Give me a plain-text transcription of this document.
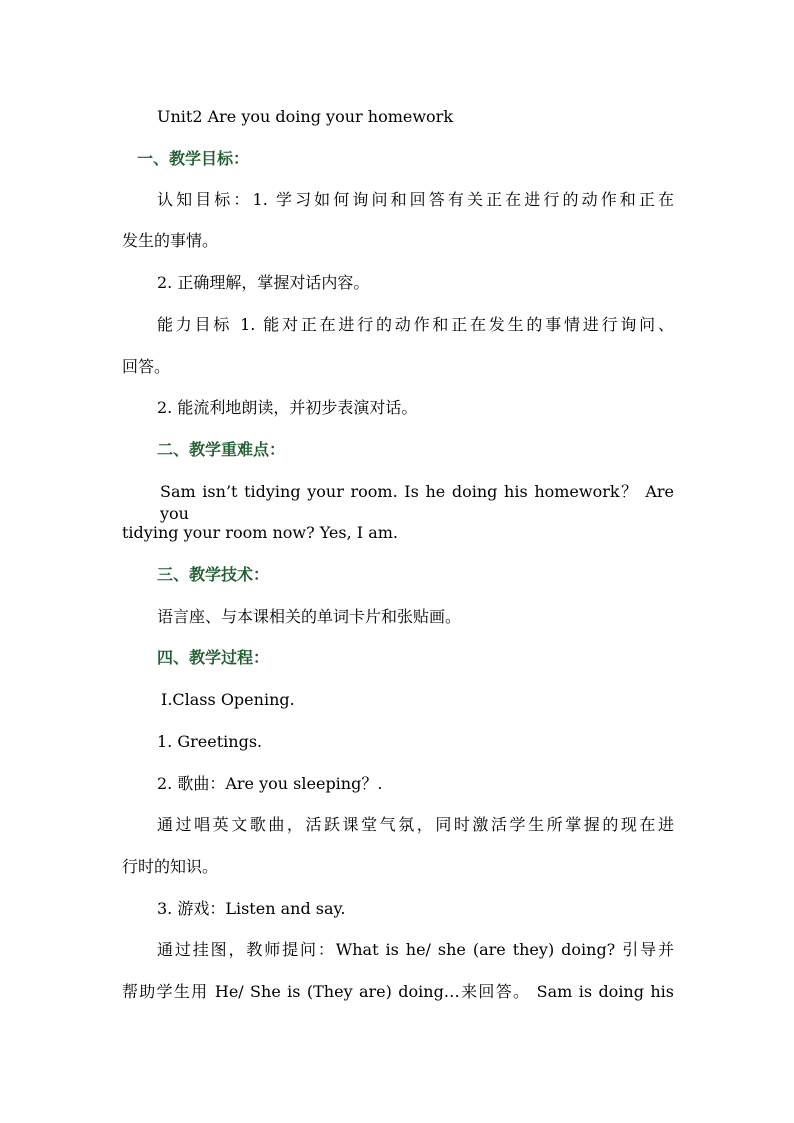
Unit2 Are you doing your homework
一、教学目标：
认知目标：1. 学习如何询问和回答有关正在进行的动作和正在
发生的事情。
2. 正确理解，掌握对话内容。
能力目标 1. 能对正在进行的动作和正在发生的事情进行询问、
回答。
2. 能流利地朗读，并初步表演对话。
二、教学重难点：
Sam isn’t tidying your room. Is he doing his homework？ Are you
tidying your room now? Yes, I am.
三、教学技术：
语言座、与本课相关的单词卡片和张贴画。
四、教学过程：
Ⅰ.Class Opening.
1. Greetings.
2. 歌曲：Are you sleeping？.
通过唱英文歌曲，活跃课堂气氛，同时激活学生所掌握的现在进
行时的知识。
3. 游戏：Listen and say.
通过挂图，教师提问：What is he/ she (are they) doing? 引导并
帮助学生用 He/ She is (They are) doing…来回答。 Sam is doing his
